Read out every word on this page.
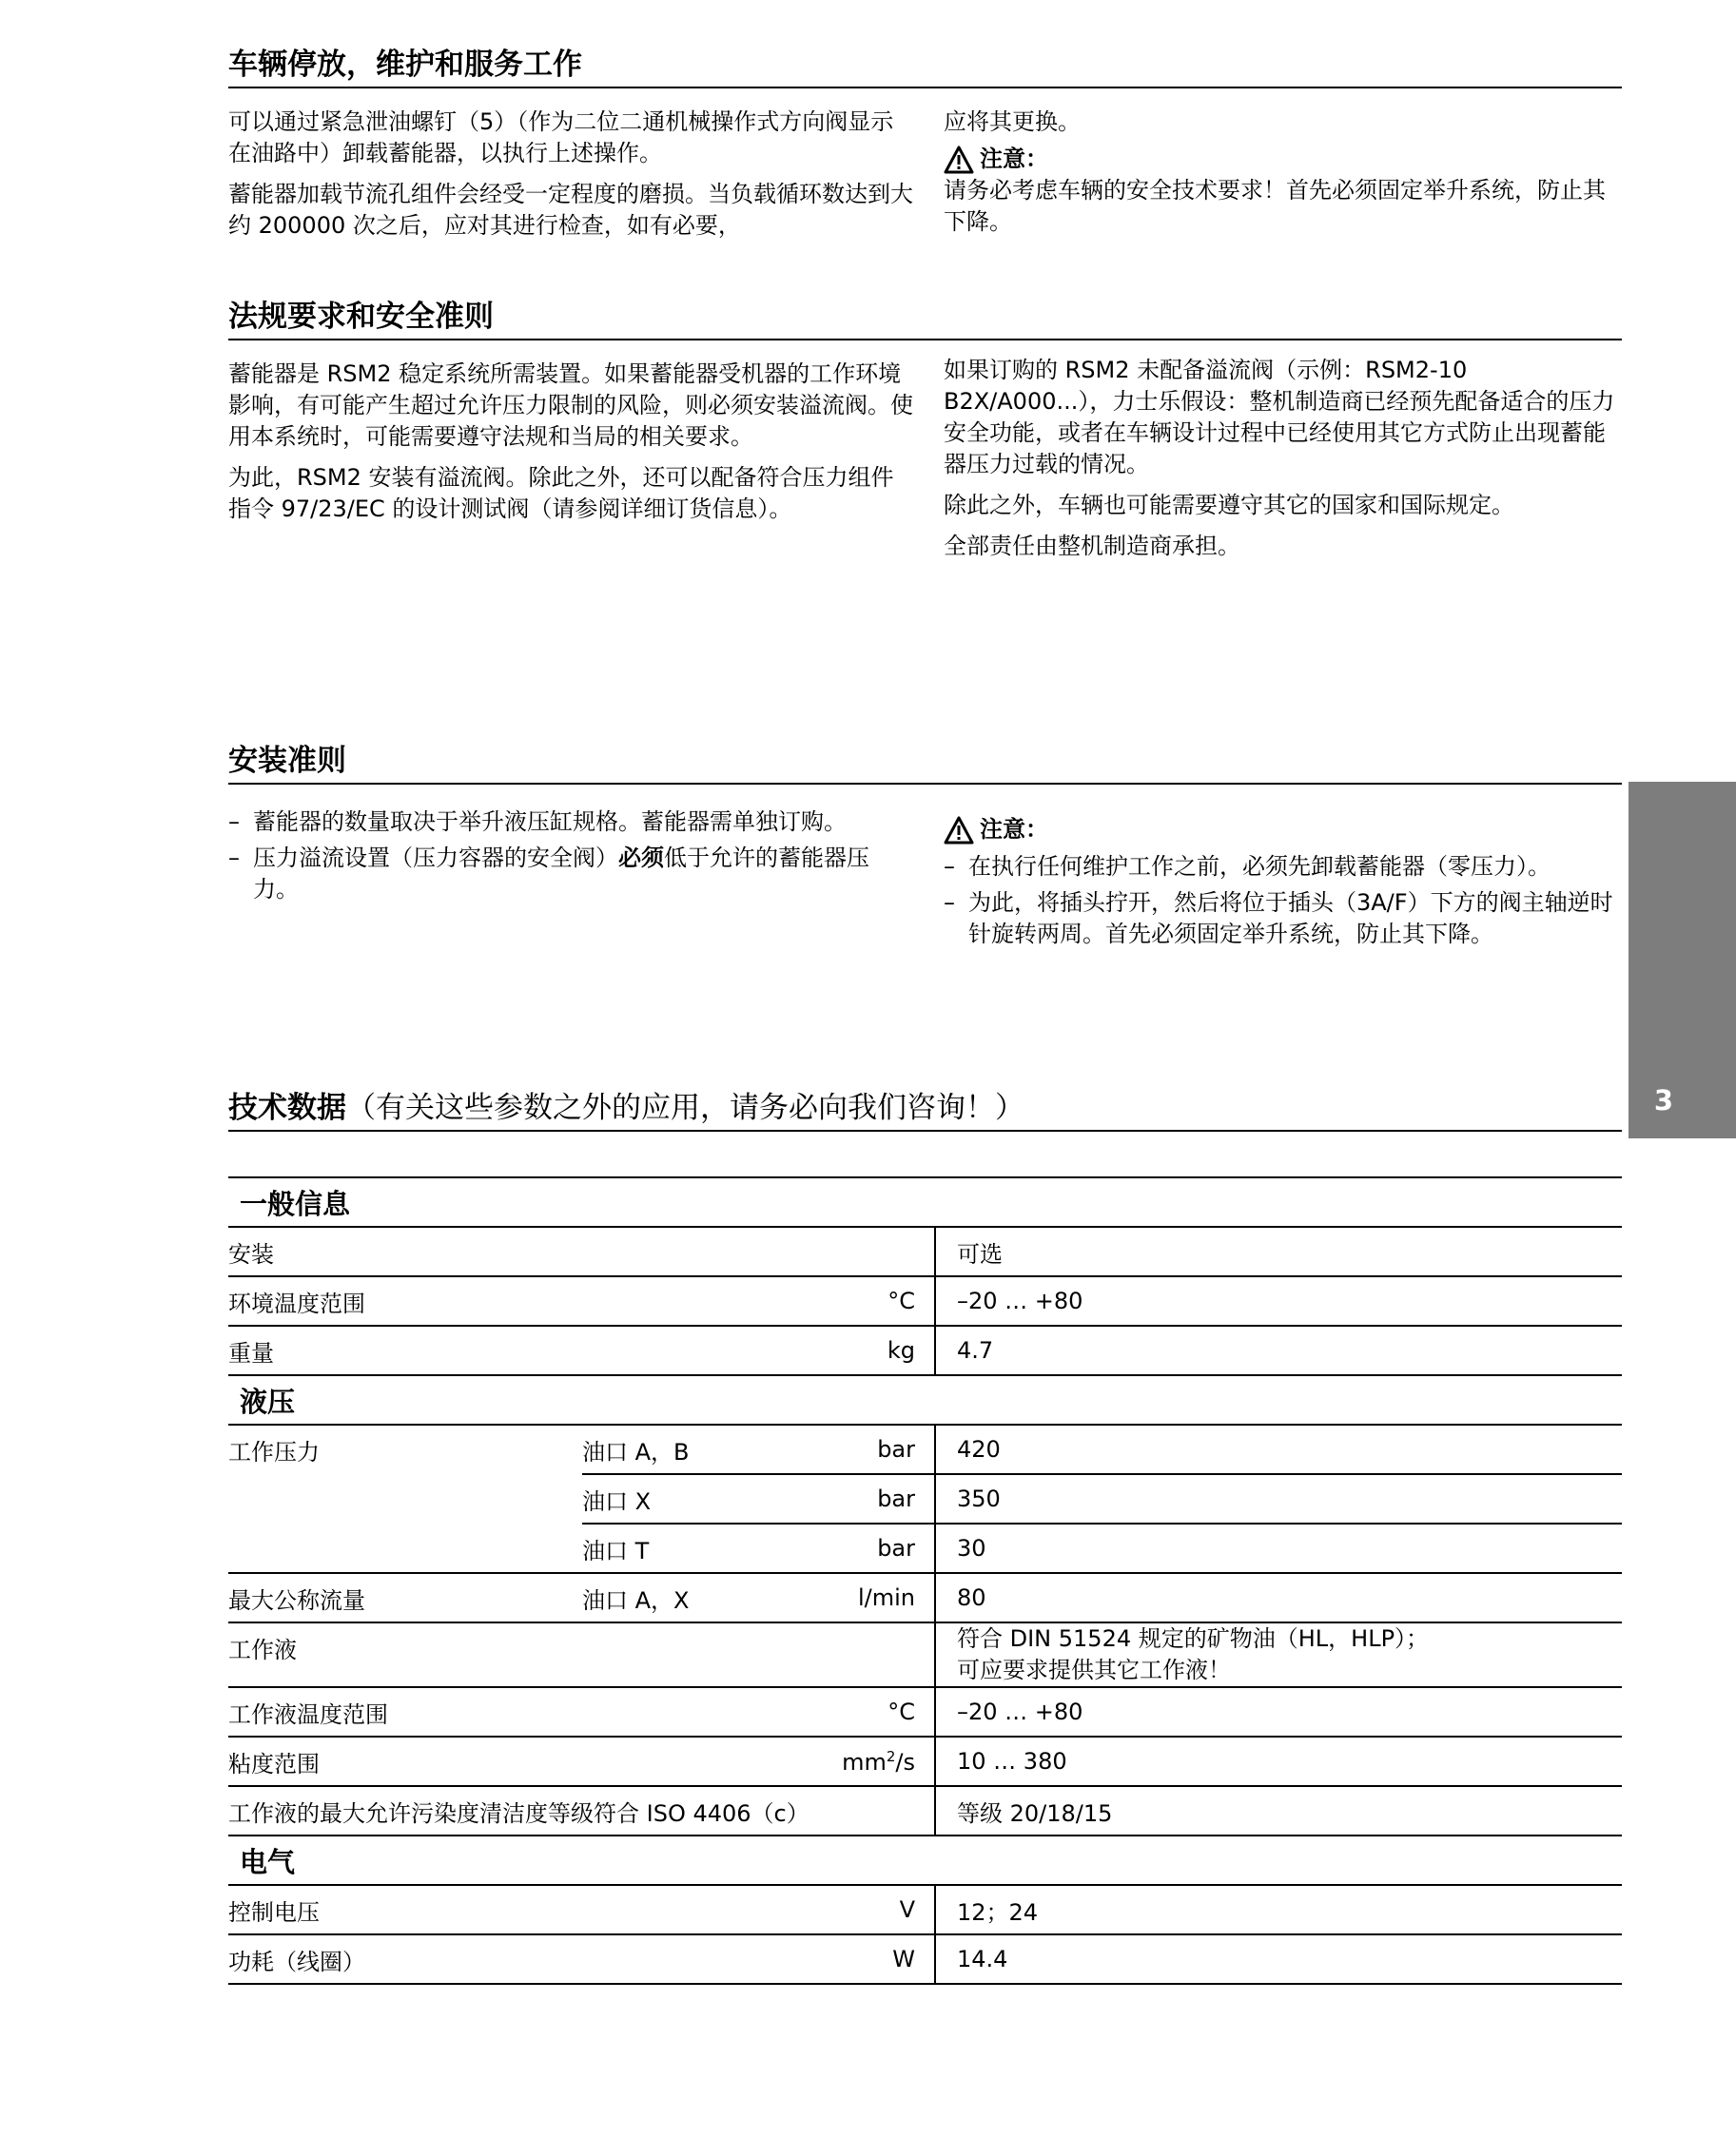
车辆停放，维护和服务工作

可以通过紧急泄油螺钉（5）（作为二位二通机械操作式方向阀显示在油路中）卸载蓄能器，以执行上述操作。

蓄能器加载节流孔组件会经受一定程度的磨损。当负载循环数达到大约 200000 次之后，应对其进行检查，如有必要，

应将其更换。

注意：

请务必考虑车辆的安全技术要求！首先必须固定举升系统，防止其下降。

法规要求和安全准则

蓄能器是 RSM2 稳定系统所需装置。如果蓄能器受机器的工作环境影响，有可能产生超过允许压力限制的风险，则必须安装溢流阀。使用本系统时，可能需要遵守法规和当局的相关要求。

为此，RSM2 安装有溢流阀。除此之外，还可以配备符合压力组件指令 97/23/EC 的设计测试阀（请参阅详细订货信息）。

如果订购的 RSM2 未配备溢流阀（示例：RSM2-10 B2X/A000...），力士乐假设：整机制造商已经预先配备适合的压力安全功能，或者在车辆设计过程中已经使用其它方式防止出现蓄能器压力过载的情况。

除此之外，车辆也可能需要遵守其它的国家和国际规定。

全部责任由整机制造商承担。

安装准则
– 蓄能器的数量取决于举升液压缸规格。蓄能器需单独订购。
– 压力溢流设置（压力容器的安全阀）必须低于允许的蓄能器压力。
注意：
– 在执行任何维护工作之前，必须先卸载蓄能器（零压力）。
– 为此，将插头拧开，然后将位于插头（3A/F）下方的阀主轴逆时针旋转两周。首先必须固定举升系统，防止其下降。
技术数据（有关这些参数之外的应用，请务必向我们咨询！）
一般信息			
安装			可选
环境温度范围		°C	–20 … +80
重量		kg	4.7
液压			
工作压力	油口 A，B	bar	420
	油口 X	bar	350
	油口 T	bar	30
最大公称流量	油口 A，X	l/min	80
工作液			符合 DIN 51524 规定的矿物油（HL，HLP）；
可应要求提供其它工作液！

工作液温度范围		°C	–20 … +80
粘度范围		$mm^2/s$	10 … 380
工作液的最大允许污染度清洁度等级符合 ISO 4406（c）			等级 20/18/15
电气			
控制电压		V	12；24
功耗（线圈）		W	14.4
3
